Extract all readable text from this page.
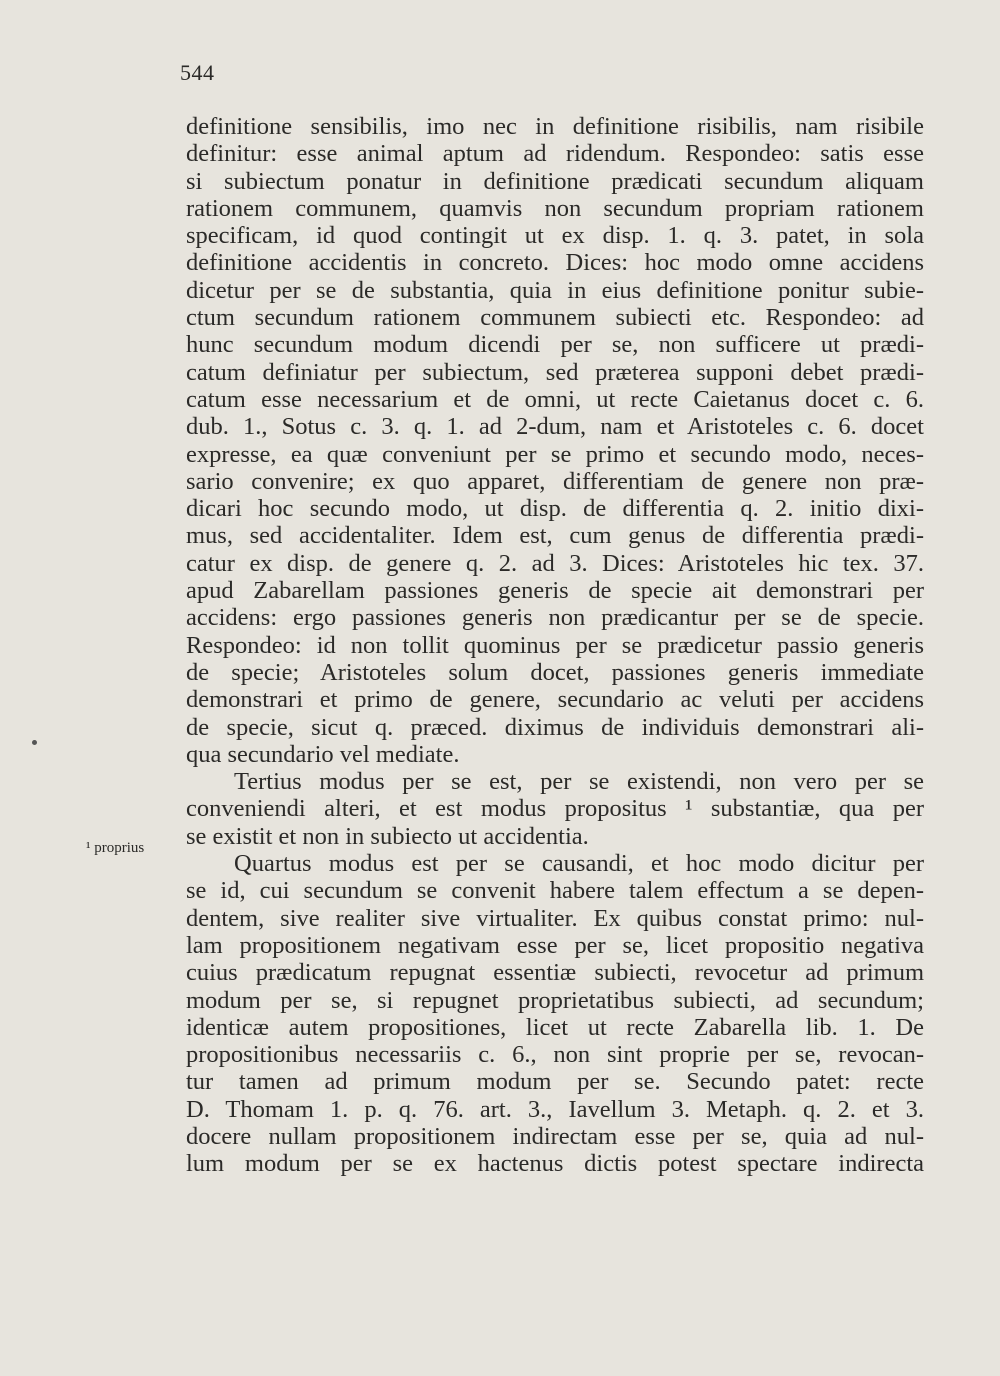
544
¹ proprius
definitione sensibilis, imo nec in definitione risibilis, nam risibile
definitur: esse animal aptum ad ridendum. Respondeo: satis esse
si subiectum ponatur in definitione prædicati secundum aliquam
rationem communem, quamvis non secundum propriam rationem
specificam, id quod contingit ut ex disp. 1. q. 3. patet, in sola
definitione accidentis in concreto. Dices: hoc modo omne accidens
dicetur per se de substantia, quia in eius definitione ponitur subie-
ctum secundum rationem communem subiecti etc. Respondeo: ad
hunc secundum modum dicendi per se, non sufficere ut prædi-
catum definiatur per subiectum, sed præterea supponi debet prædi-
catum esse necessarium et de omni, ut recte Caietanus docet c. 6.
dub. 1., Sotus c. 3. q. 1. ad 2-dum, nam et Aristoteles c. 6. docet
expresse, ea quæ conveniunt per se primo et secundo modo, neces-
sario convenire; ex quo apparet, differentiam de genere non præ-
dicari hoc secundo modo, ut disp. de differentia q. 2. initio dixi-
mus, sed accidentaliter. Idem est, cum genus de differentia prædi-
catur ex disp. de genere q. 2. ad 3. Dices: Aristoteles hic tex. 37.
apud Zabarellam passiones generis de specie ait demonstrari per
accidens: ergo passiones generis non prædicantur per se de specie.
Respondeo: id non tollit quominus per se prædicetur passio generis
de specie; Aristoteles solum docet, passiones generis immediate
demonstrari et primo de genere, secundario ac veluti per accidens
de specie, sicut q. præced. diximus de individuis demonstrari ali-
qua secundario vel mediate.
Tertius modus per se est, per se existendi, non vero per se
conveniendi alteri, et est modus propositus ¹ substantiæ, qua per
se existit et non in subiecto ut accidentia.
Quartus modus est per se causandi, et hoc modo dicitur per
se id, cui secundum se convenit habere talem effectum a se depen-
dentem, sive realiter sive virtualiter. Ex quibus constat primo: nul-
lam propositionem negativam esse per se, licet propositio negativa
cuius prædicatum repugnat essentiæ subiecti, revocetur ad primum
modum per se, si repugnet proprietatibus subiecti, ad secundum;
identicæ autem propositiones, licet ut recte Zabarella lib. 1. De
propositionibus necessariis c. 6., non sint proprie per se, revocan-
tur tamen ad primum modum per se. Secundo patet: recte
D. Thomam 1. p. q. 76. art. 3., Iavellum 3. Metaph. q. 2. et 3.
docere nullam propositionem indirectam esse per se, quia ad nul-
lum modum per se ex hactenus dictis potest spectare indirecta
